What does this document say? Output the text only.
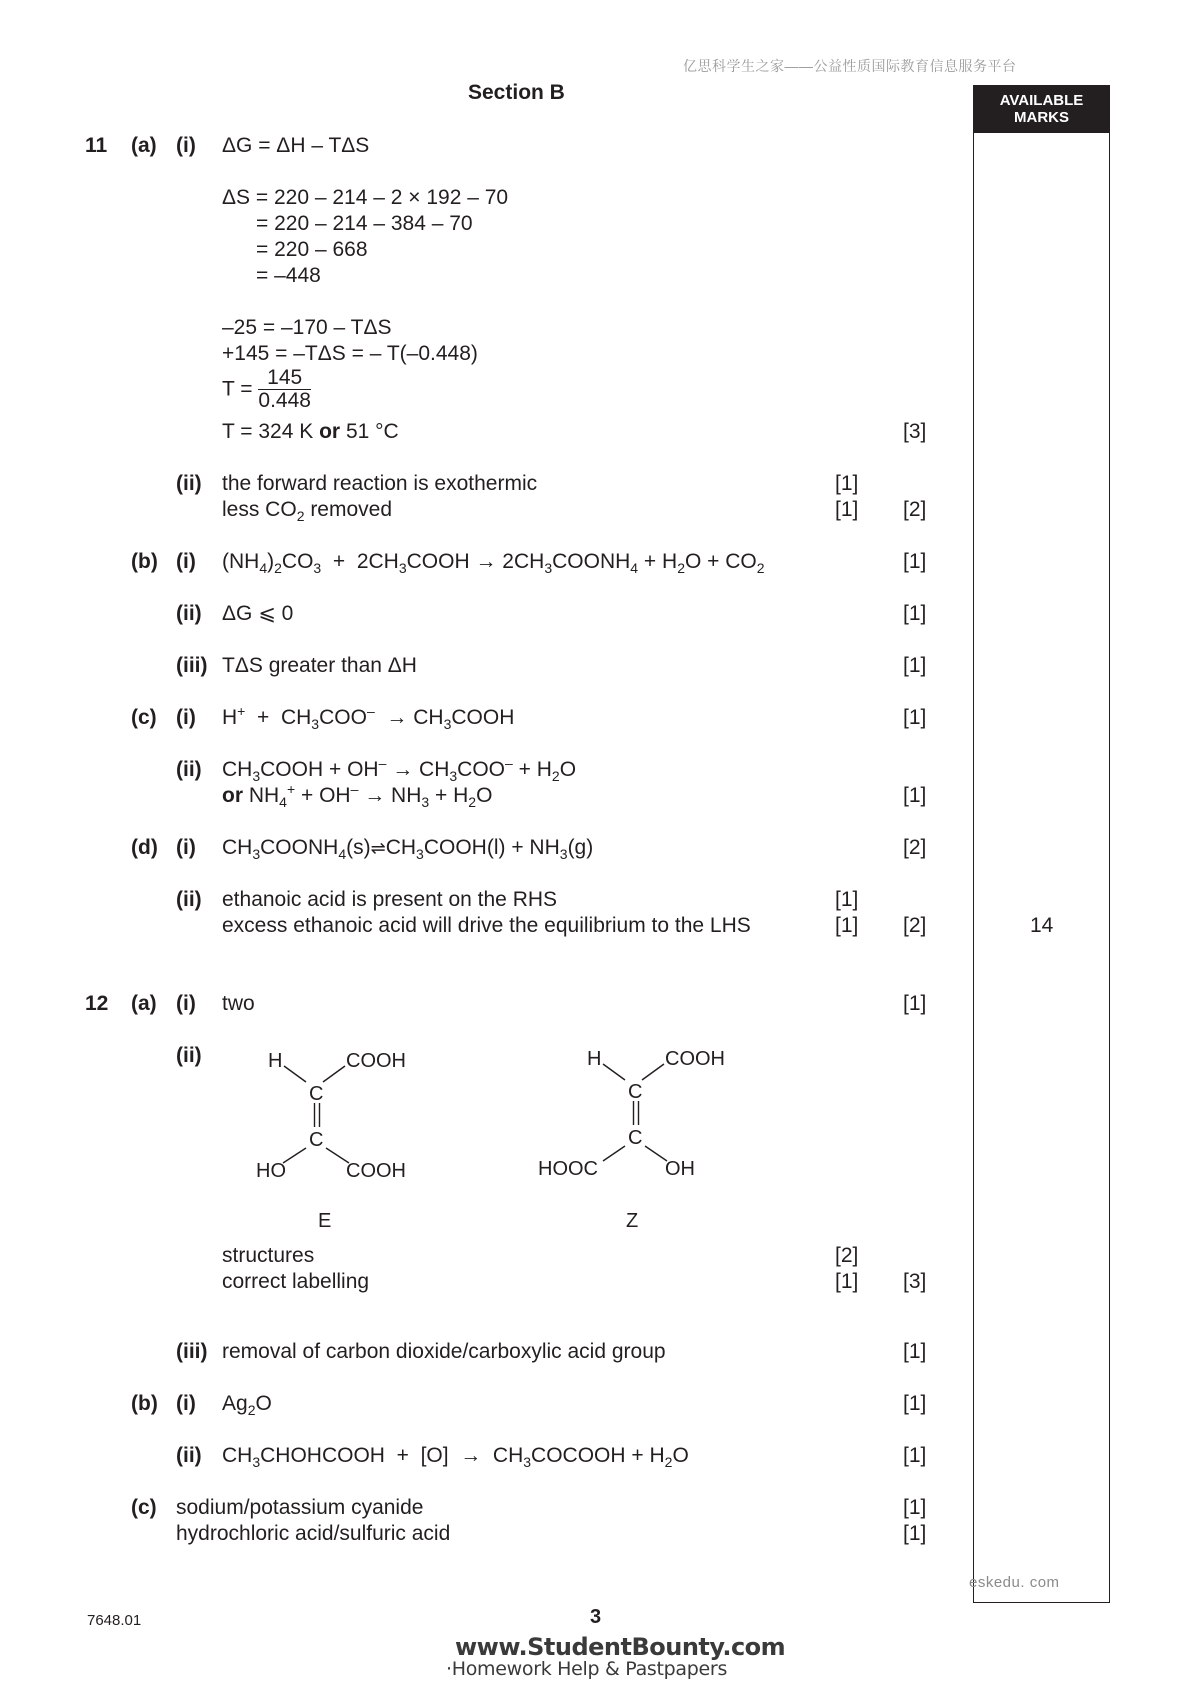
亿思科学生之家——公益性质国际教育信息服务平台
Section B	AVAILABLE
MARKS
11 (a) (i) ΔG = ΔH – TΔS
ΔS = 220 – 214 – 2 × 192 – 70
= 220 – 214 – 384 – 70
= 220 – 668
= –448
–25 = –170 – TΔS
+145 = –TΔS = – T(–0.448)
$T = \frac{145}{0.448}$
T = 324 K or 51 °C	[3]
(ii) the forward reaction is exothermic	[1]
less $CO_2$ removed	[1] [2]
(b) (i) $(NH_4)_2CO_3$  +  $2CH_3COOH$ → $2CH_3COONH_4 + H_2O + CO_2$	[1]
(ii) ΔG ⩽ 0	[1]
(iii) TΔS greater than ΔH	[1]
(c) (i) $H^+ + CH_3COO^-$  → $CH_3COOH$	[1]
(ii) $CH_3COOH + OH^- \to CH_3COO^- + H_2O$
or $NH_4^+ + OH^- \to NH_3 + H_2O$	[1]
(d) (i) $CH_3COONH_4(s)\rightleftharpoons CH_3COOH(l) + NH_3(g)$	[2]
(ii) ethanoic acid is present on the RHS	[1]
excess ethanoic acid will drive the equilibrium to the LHS	[1] [2]	14
12 (a) (i) two	[1]
(ii)	H	COOH
C
C
HO	COOH
E
H	COOH
C
C
HOOC	OH
Z
structures	[2]
correct labelling	[1] [3]
(iii) removal of carbon dioxide/carboxylic acid group	[1]
(b) (i) $Ag_2O$	[1]
(ii) $CH_3CHOHCOOH + [O]$  →  $CH_3COCOOH + H_2O$	[1]
(c) sodium/potassium cyanide	[1]
hydrochloric acid/sulfuric acid	[1]
eskedu. com
7648.01	3
www.StudentBounty.com
·Homework Help & Pastpapers
